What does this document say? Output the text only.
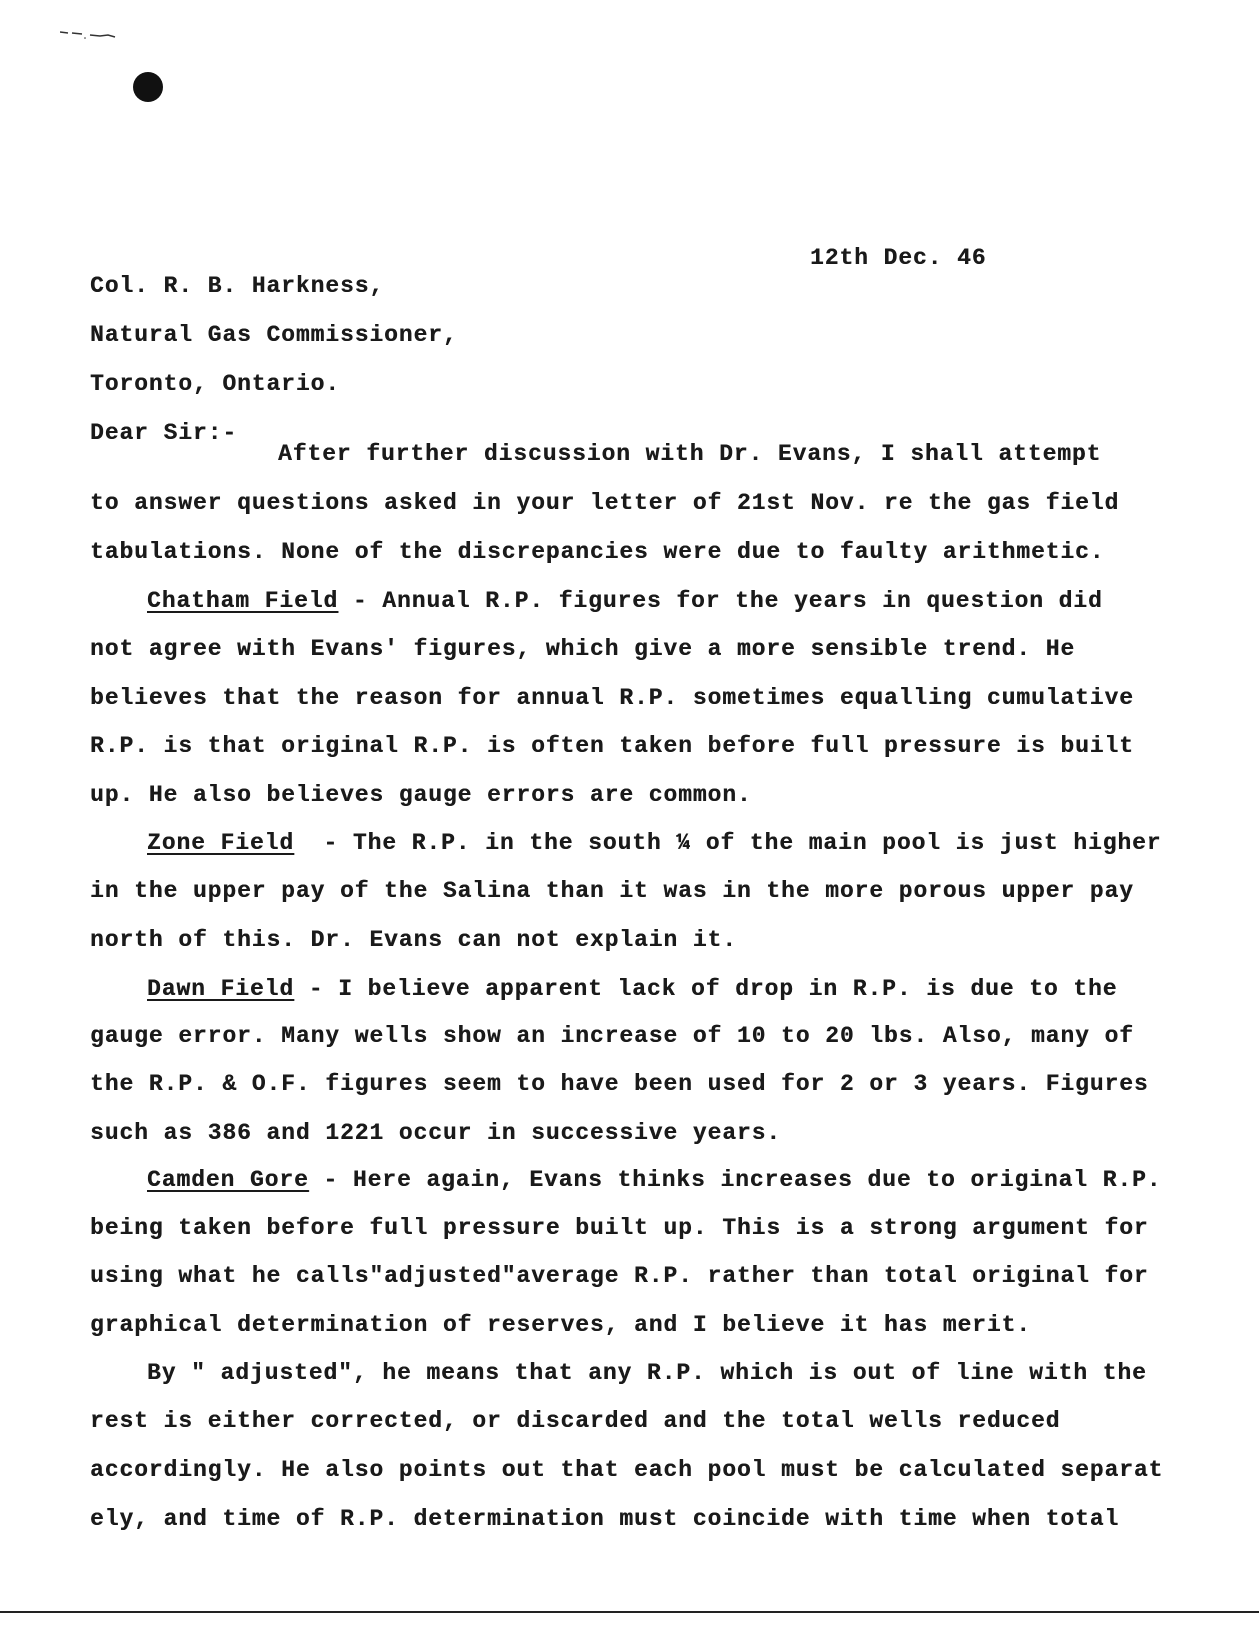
12th Dec. 46
Col. R. B. Harkness,
Natural Gas Commissioner,
Toronto, Ontario.
Dear Sir:-
After further discussion with Dr. Evans, I shall attempt
to answer questions asked in your letter of 21st Nov. re the gas field
tabulations. None of the discrepancies were due to faulty arithmetic.
Chatham Field - Annual R.P. figures for the years in question did
not agree with Evans' figures, which give a more sensible trend. He
believes that the reason for annual R.P. sometimes equalling cumulative
R.P. is that original R.P. is often taken before full pressure is built
up. He also believes gauge errors are common.
Zone Field  - The R.P. in the south ¼ of the main pool is just higher
in the upper pay of the Salina than it was in the more porous upper pay
north of this. Dr. Evans can not explain it.
Dawn Field - I believe apparent lack of drop in R.P. is due to the
gauge error. Many wells show an increase of 10 to 20 lbs. Also, many of
the R.P. & O.F. figures seem to have been used for 2 or 3 years. Figures
such as 386 and 1221 occur in successive years.
Camden Gore - Here again, Evans thinks increases due to original R.P.
being taken before full pressure built up. This is a strong argument for
using what he calls"adjusted"average R.P. rather than total original for
graphical determination of reserves, and I believe it has merit.
By " adjusted", he means that any R.P. which is out of line with the
rest is either corrected, or discarded and the total wells reduced
accordingly. He also points out that each pool must be calculated separat
ely, and time of R.P. determination must coincide with time when total
